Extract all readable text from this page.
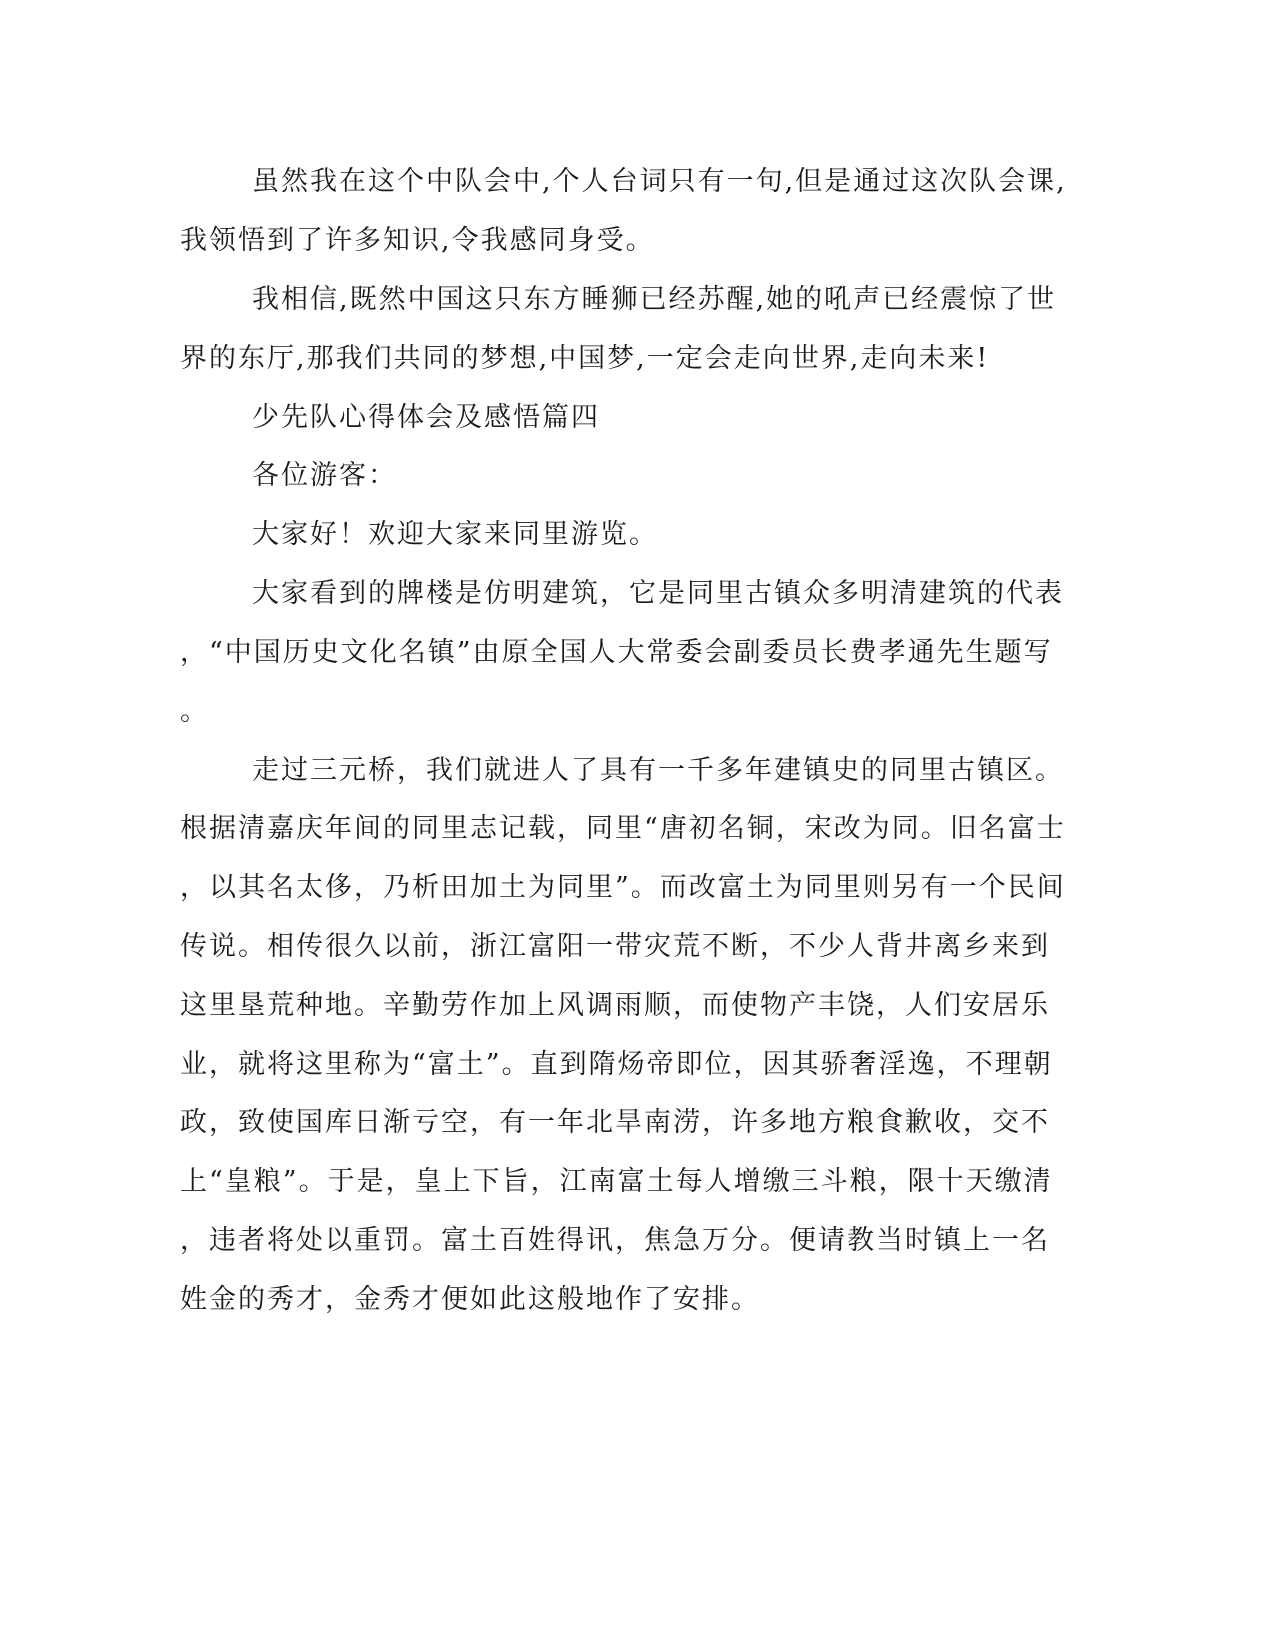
虽然我在这个中队会中,个人台词只有一句,但是通过这次队会课,
我领悟到了许多知识,令我感同身受。
我相信,既然中国这只东方睡狮已经苏醒,她的吼声已经震惊了世
界的东厅,那我们共同的梦想,中国梦,一定会走向世界,走向未来!
少先队心得体会及感悟篇四
各位游客：
大家好！欢迎大家来同里游览。
大家看到的牌楼是仿明建筑，它是同里古镇众多明清建筑的代表
，“中国历史文化名镇”由原全国人大常委会副委员长费孝通先生题写
。
走过三元桥，我们就进人了具有一千多年建镇史的同里古镇区。
根据清嘉庆年间的同里志记载，同里“唐初名铜，宋改为同。旧名富士
，以其名太侈，乃析田加土为同里”。而改富土为同里则另有一个民间
传说。相传很久以前，浙江富阳一带灾荒不断，不少人背井离乡来到
这里垦荒种地。辛勤劳作加上风调雨顺，而使物产丰饶，人们安居乐
业，就将这里称为“富土”。直到隋炀帝即位，因其骄奢淫逸，不理朝
政，致使国库日渐亏空，有一年北旱南涝，许多地方粮食歉收，交不
上“皇粮”。于是，皇上下旨，江南富土每人增缴三斗粮，限十天缴清
，违者将处以重罚。富土百姓得讯，焦急万分。便请教当时镇上一名
姓金的秀才，金秀才便如此这般地作了安排。
